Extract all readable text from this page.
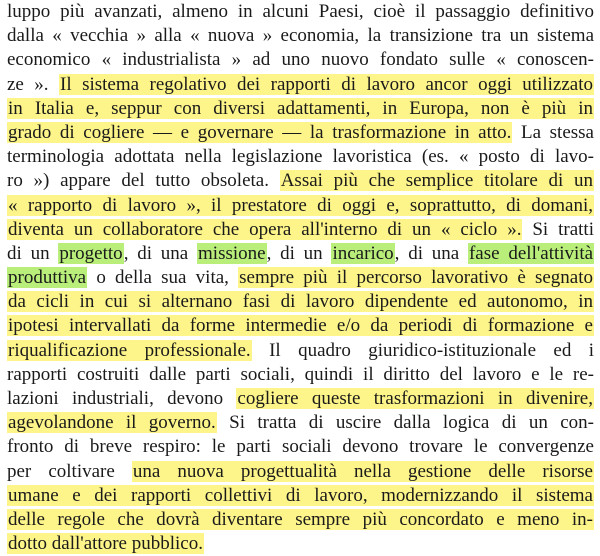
luppo più avanzati, almeno in alcuni Paesi, cioè il passaggio definitivo
dalla « vecchia » alla « nuova » economia, la transizione tra un sistema
economico « industrialista » ad uno nuovo fondato sulle « conoscen-
ze ». Il sistema regolativo dei rapporti di lavoro ancor oggi utilizzato
in Italia e, seppur con diversi adattamenti, in Europa, non è più in
grado di cogliere — e governare — la trasformazione in atto. La stessa
terminologia adottata nella legislazione lavoristica (es. « posto di lavo-
ro ») appare del tutto obsoleta. Assai più che semplice titolare di un
« rapporto di lavoro », il prestatore di oggi e, soprattutto, di domani,
diventa un collaboratore che opera all'interno di un « ciclo ». Si tratti
di un progetto, di una missione, di un incarico, di una fase dell'attività
produttiva o della sua vita, sempre più il percorso lavorativo è segnato
da cicli in cui si alternano fasi di lavoro dipendente ed autonomo, in
ipotesi intervallati da forme intermedie e/o da periodi di formazione e
riqualificazione professionale. Il quadro giuridico-istituzionale ed i
rapporti costruiti dalle parti sociali, quindi il diritto del lavoro e le re-
lazioni industriali, devono cogliere queste trasformazioni in divenire,
agevolandone il governo. Si tratta di uscire dalla logica di un con-
fronto di breve respiro: le parti sociali devono trovare le convergenze
per coltivare una nuova progettualità nella gestione delle risorse
umane e dei rapporti collettivi di lavoro, modernizzando il sistema
delle regole che dovrà diventare sempre più concordato e meno in-
dotto dall'attore pubblico.
